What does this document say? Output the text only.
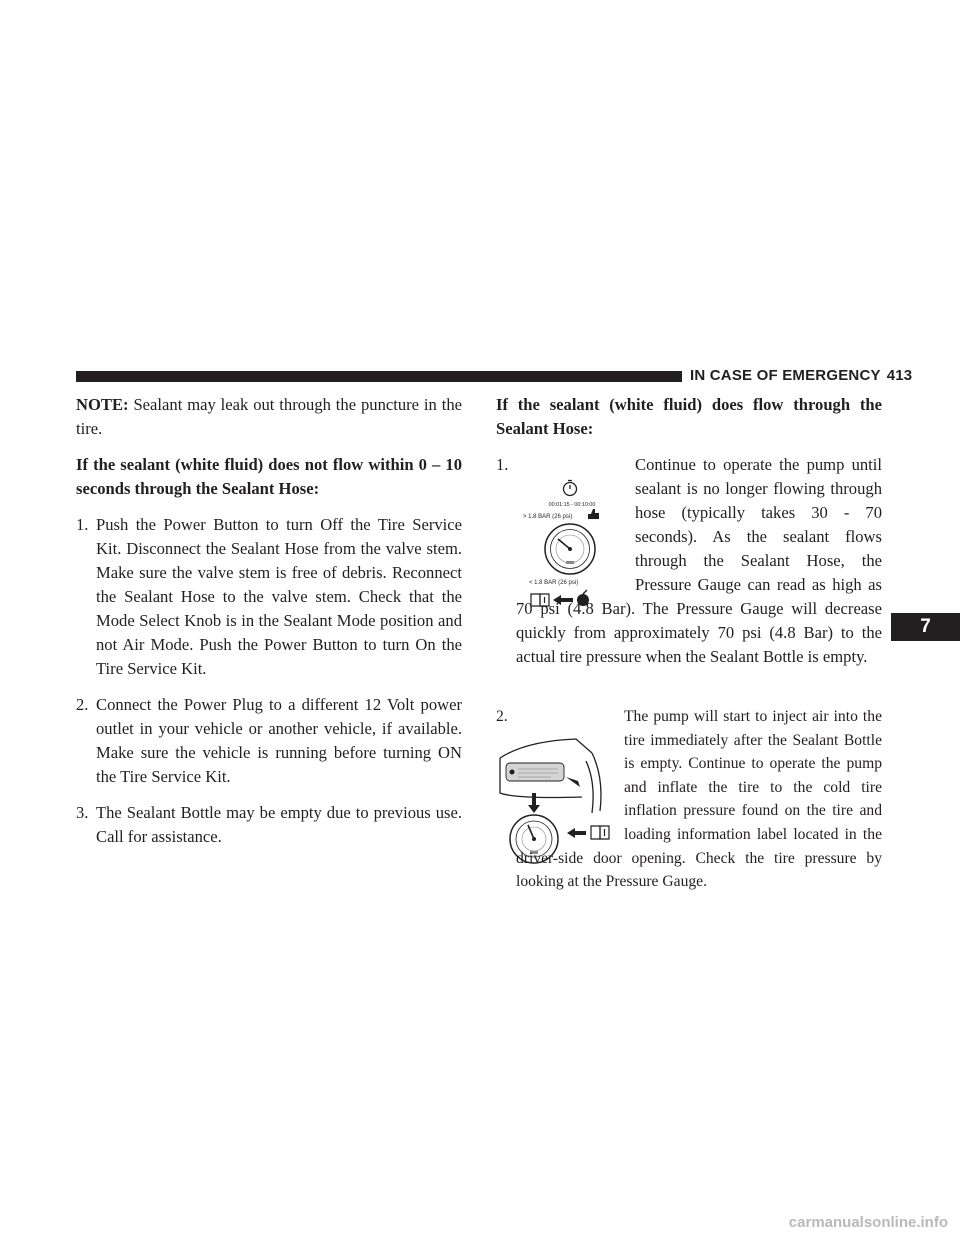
IN CASE OF EMERGENCY 413

NOTE: Sealant may leak out through the puncture in the tire.

If the sealant (white fluid) does not flow within 0 – 10 seconds through the Sealant Hose:

1. Push the Power Button to turn Off the Tire Service Kit. Disconnect the Sealant Hose from the valve stem. Make sure the valve stem is free of debris. Reconnect the Sealant Hose to the valve stem. Check that the Mode Select Knob is in the Sealant Mode position and not Air Mode. Push the Power Button to turn On the Tire Service Kit.
2. Connect the Power Plug to a different 12 Volt power outlet in your vehicle or another vehicle, if available. Make sure the vehicle is running before turning ON the Tire Service Kit.
3. The Sealant Bottle may be empty due to previous use. Call for assistance.

If the sealant (white fluid) does flow through the Sealant Hose:

1.
00:01:15 - 00:10:00
> 1.8 BAR (26 psi)
< 1.8 BAR (26 psi)
Continue to operate the pump until sealant is no longer flowing through hose (typically takes 30 - 70 seconds). As the sealant flows through the Sealant Hose, the Pressure Gauge can read as high as 70 psi (4.8 Bar). The Pressure Gauge will decrease quickly from approximately 70 psi (4.8 Bar) to the actual tire pressure when the Sealant Bottle is empty.
2.	The pump will start to inject air into the tire immediately after the Sealant Bottle is empty. Continue to operate the pump and inflate the tire to the cold tire inflation pressure found on the tire and loading information label located in the driver-side door opening. Check the tire pressure by looking at the Pressure Gauge.
7
carmanualsonline.info
